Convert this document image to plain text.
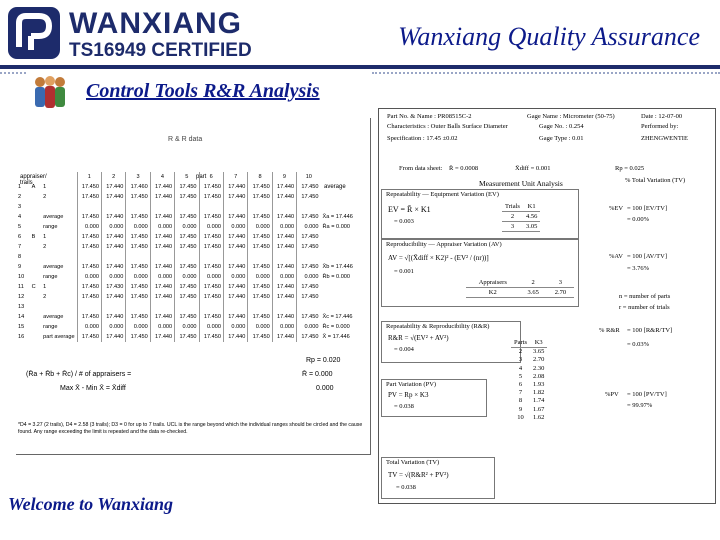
WANXIANG
TS16949 CERTIFIED	Wanxiang Quality Assurance
Control Tools R&R Analysis
R & R data
appraiser/ trails
part
average
			1	2	3	4	5	6	7	8	9	10	
1	A	1	17.450	17.440	17.460	17.440	17.450	17.450	17.440	17.450	17.440	17.450	
2		2	17.450	17.440	17.450	17.440	17.450	17.450	17.440	17.450	17.440	17.450	
3													
4		average	17.450	17.440	17.450	17.440	17.450	17.450	17.440	17.450	17.440	17.450	X̄a = 17.446
5		range	0.000	0.000	0.000	0.000	0.000	0.000	0.000	0.000	0.000	0.000	R̄a = 0.000
6	B	1	17.450	17.440	17.450	17.440	17.450	17.450	17.440	17.450	17.440	17.450	
7		2	17.450	17.440	17.450	17.440	17.450	17.450	17.440	17.450	17.440	17.450	
8													
9		average	17.450	17.440	17.450	17.440	17.450	17.450	17.440	17.450	17.440	17.450	X̄b = 17.446
10		range	0.000	0.000	0.000	0.000	0.000	0.000	0.000	0.000	0.000	0.000	R̄b = 0.000
11	C	1	17.450	17.430	17.450	17.440	17.450	17.450	17.440	17.450	17.440	17.450	
12		2	17.450	17.440	17.450	17.440	17.450	17.450	17.440	17.450	17.440	17.450	
13													
14		average	17.450	17.440	17.450	17.440	17.450	17.450	17.440	17.450	17.440	17.450	X̄c = 17.446
15		range	0.000	0.000	0.000	0.000	0.000	0.000	0.000	0.000	0.000	0.000	R̄c = 0.000
16		part average	17.450	17.440	17.450	17.440	17.450	17.450	17.440	17.450	17.440	17.450	X̄ = 17.446
(R̄a + R̄b + R̄c) / # of appraisers =	R̄ = 0.000
Max X̄ - Min X̄ = X̄diff	0.000
Rp = 0.020
*D4 = 3.27 (2 trails), D4 = 2.58 (3 trails); D3 = 0 for up to 7 trails. UCL is the range beyond which the individual ranges should be circled and the cause found. Any range exceeding the limit is repeated and the data re-checked.
Part No. & Name : PR08515C-2
Characteristics : Outer Balls Surface Diameter
Specification : 17.45 ±0.02
Gage Name : Micrometer (50-75)
Gage No. : 0.254
Gage Type : 0.01
Date : 12-07-00
Performed by:
ZHENGWENTIE
From data sheet: R̄ = 0.0008	X̄diff = 0.001	Rp = 0.025
Measurement Unit Analysis	% Total Variation (TV)
Repeatability — Equipment Variation (EV)
EV = R̄ × K1
= 0.003
Trials	K1
2	4.56
3	3.05
%EV = 100 [EV/TV]
= 0.00%
Reproducibility — Appraiser Variation (AV)
AV = √[(X̄diff × K2)² - (EV² / (nr))]
= 0.001
Appraisers	2	3
K2	3.65	2.70
%AV = 100 [AV/TV]
= 3.76%
n = number of parts
r = number of trials
Repeatability & Reproducibility (R&R)
R&R = √(EV² + AV²)
= 0.004
% R&R = 100 [R&R/TV]
= 0.03%
Parts	K3
2	3.65
3	2.70
4	2.30
5	2.08
6	1.93
7	1.82
8	1.74
9	1.67
10	1.62
Part Variation (PV)
PV = Rp × K3
= 0.038
%PV = 100 [PV/TV]
= 99.97%
Total Variation (TV)
TV = √(R&R² + PV²)
= 0.038
Welcome to Wanxiang
